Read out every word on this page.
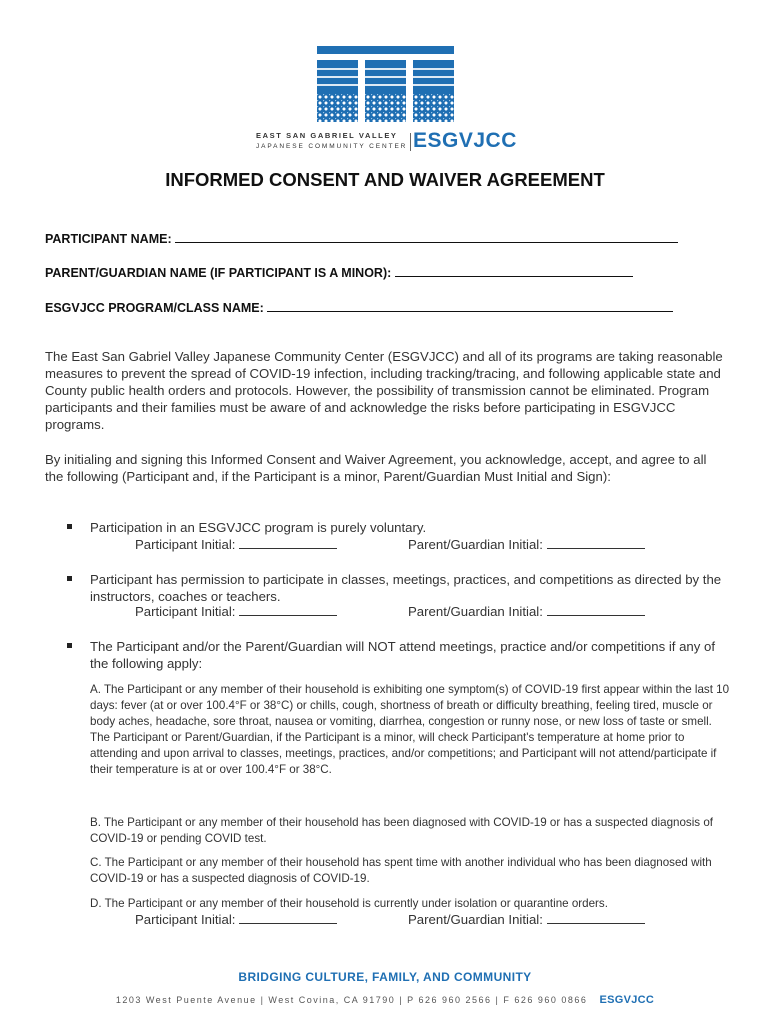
EAST SAN GABRIEL VALLEY
JAPANESE COMMUNITY CENTER ESGVJCC
INFORMED CONSENT AND WAIVER AGREEMENT
PARTICIPANT NAME:
PARENT/GUARDIAN NAME (IF PARTICIPANT IS A MINOR):
ESGVJCC PROGRAM/CLASS NAME:
The East San Gabriel Valley Japanese Community Center (ESGVJCC) and all of its programs are taking reasonable measures to prevent the spread of COVID-19 infection, including tracking/tracing, and following applicable state and County public health orders and protocols. However, the possibility of transmission cannot be eliminated. Program participants and their families must be aware of and acknowledge the risks before participating in ESGVJCC programs.
By initialing and signing this Informed Consent and Waiver Agreement, you acknowledge, accept, and agree to all the following (Participant and, if the Participant is a minor, Parent/Guardian Must Initial and Sign):
Participation in an ESGVJCC program is purely voluntary.
Participant Initial:	Parent/Guardian Initial:
Participant has permission to participate in classes, meetings, practices, and competitions as directed by the instructors, coaches or teachers.
Participant Initial:	Parent/Guardian Initial:
The Participant and/or the Parent/Guardian will NOT attend meetings, practice and/or competitions if any of the following apply:
A. The Participant or any member of their household is exhibiting one symptom(s) of COVID-19 first appear within the last 10 days: fever (at or over 100.4°F or 38°C) or chills, cough, shortness of breath or difficulty breathing, feeling tired, muscle or body aches, headache, sore throat, nausea or vomiting, diarrhea, congestion or runny nose, or new loss of taste or smell. The Participant or Parent/Guardian, if the Participant is a minor, will check Participant's temperature at home prior to attending and upon arrival to classes, meetings, practices, and/or competitions; and Participant will not attend/participate if their temperature is at or over 100.4°F or 38°C.
B. The Participant or any member of their household has been diagnosed with COVID-19 or has a suspected diagnosis of COVID-19 or pending COVID test.
C. The Participant or any member of their household has spent time with another individual who has been diagnosed with COVID-19 or has a suspected diagnosis of COVID-19.
D. The Participant or any member of their household is currently under isolation or quarantine orders.
Participant Initial:	Parent/Guardian Initial:
BRIDGING CULTURE, FAMILY, AND COMMUNITY
1203 West Puente Avenue | West Covina, CA 91790 | P 626 960 2566 | F 626 960 0866 ESGVJCC
